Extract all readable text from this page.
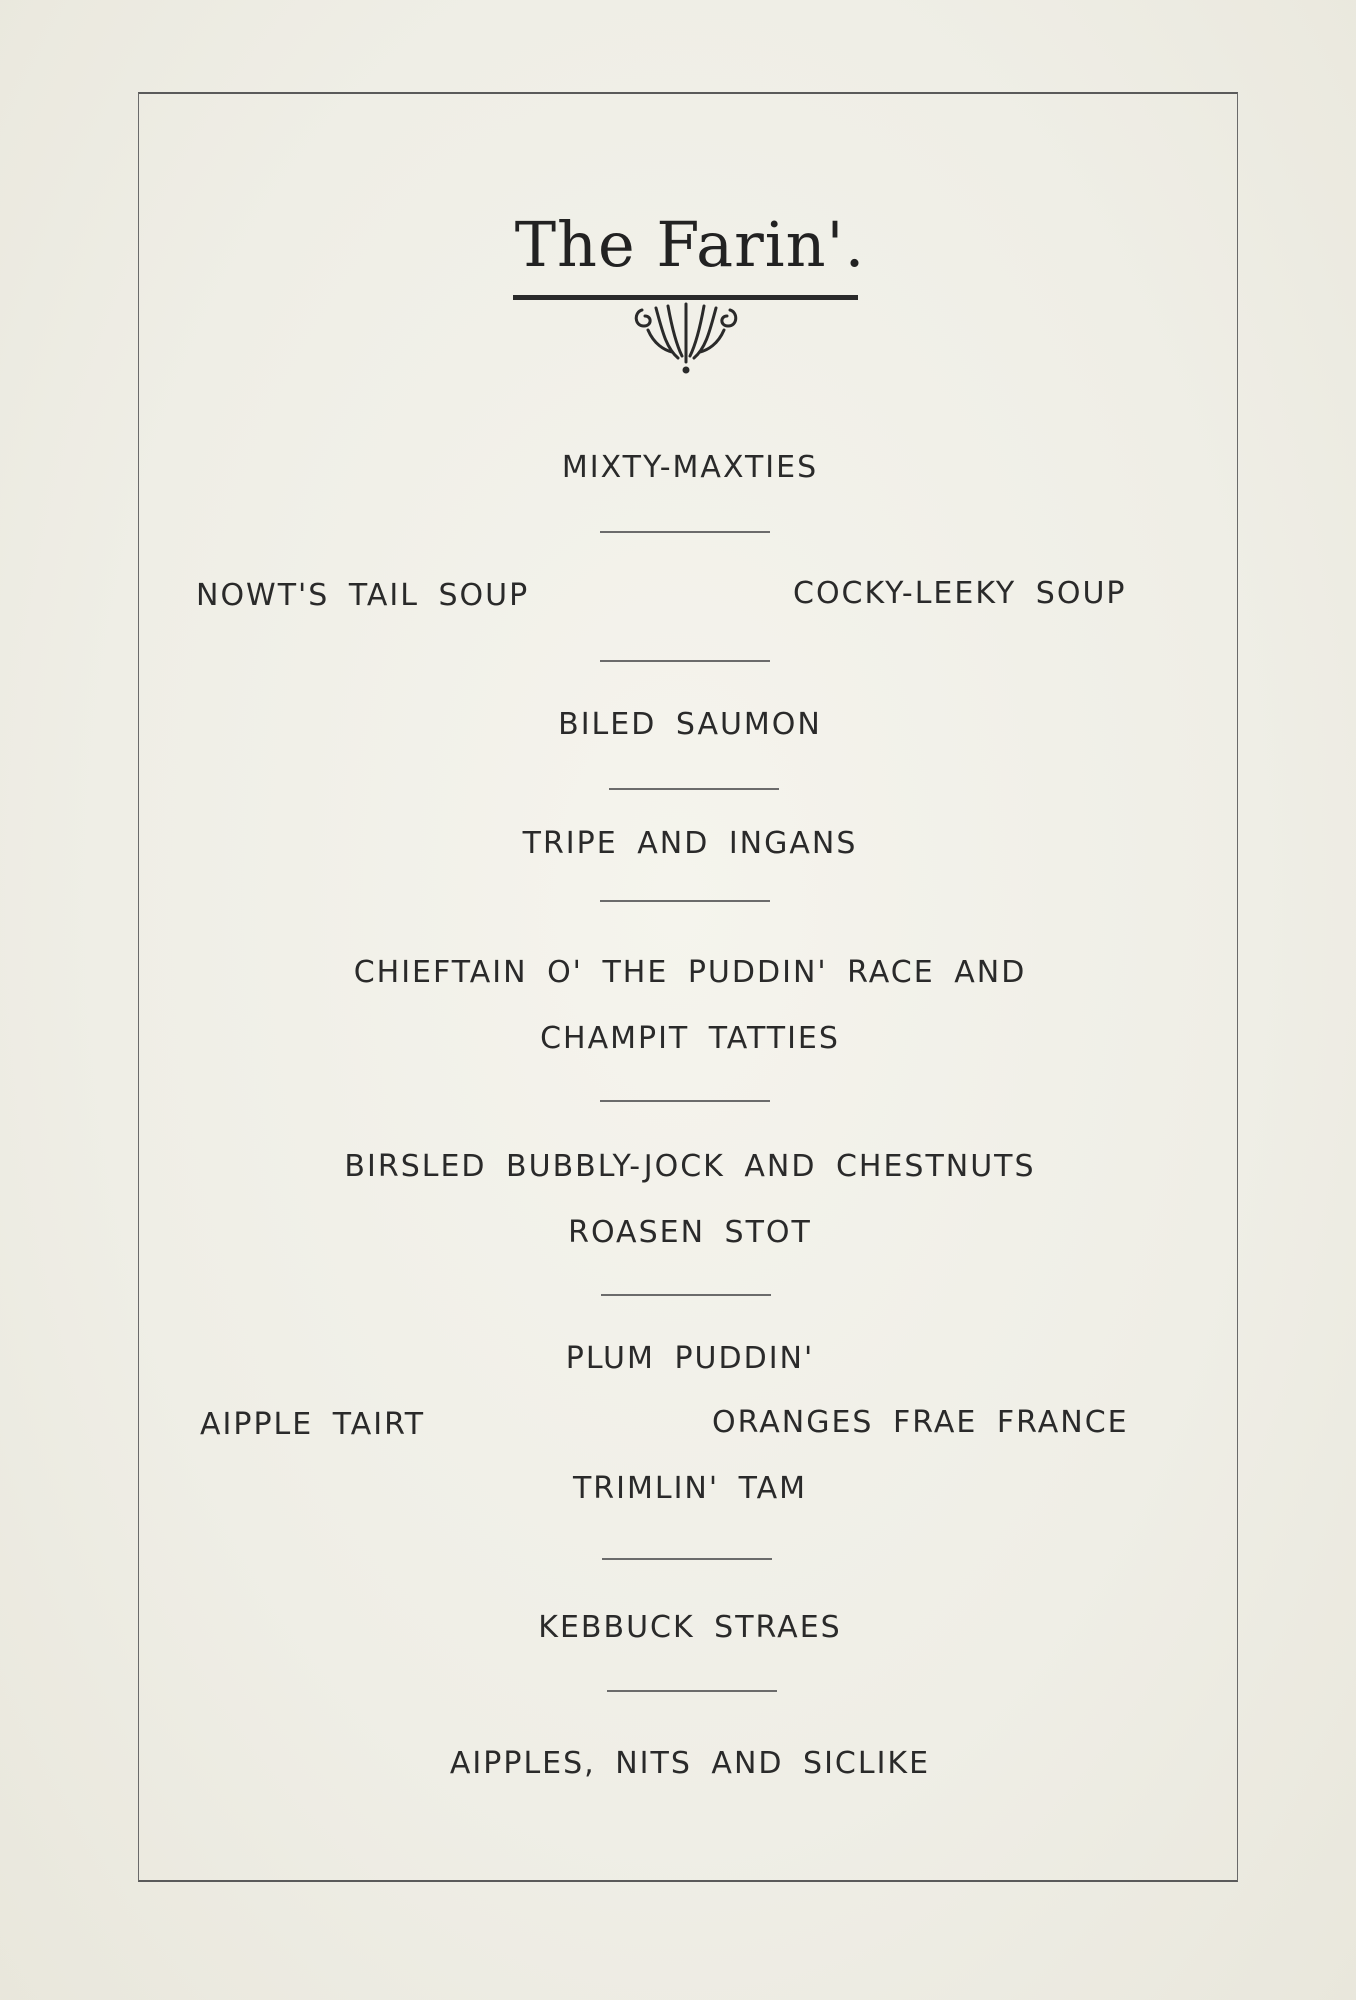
The Farin'.
MIXTY-MAXTIES
NOWT'S TAIL SOUP	COCKY-LEEKY SOUP
BILED SAUMON
TRIPE AND INGANS
CHIEFTAIN O' THE PUDDIN' RACE AND
CHAMPIT TATTIES
BIRSLED BUBBLY-JOCK AND CHESTNUTS
ROASEN STOT
PLUM PUDDIN'
AIPPLE TAIRT	ORANGES FRAE FRANCE
TRIMLIN' TAM
KEBBUCK STRAES
AIPPLES, NITS AND SICLIKE
